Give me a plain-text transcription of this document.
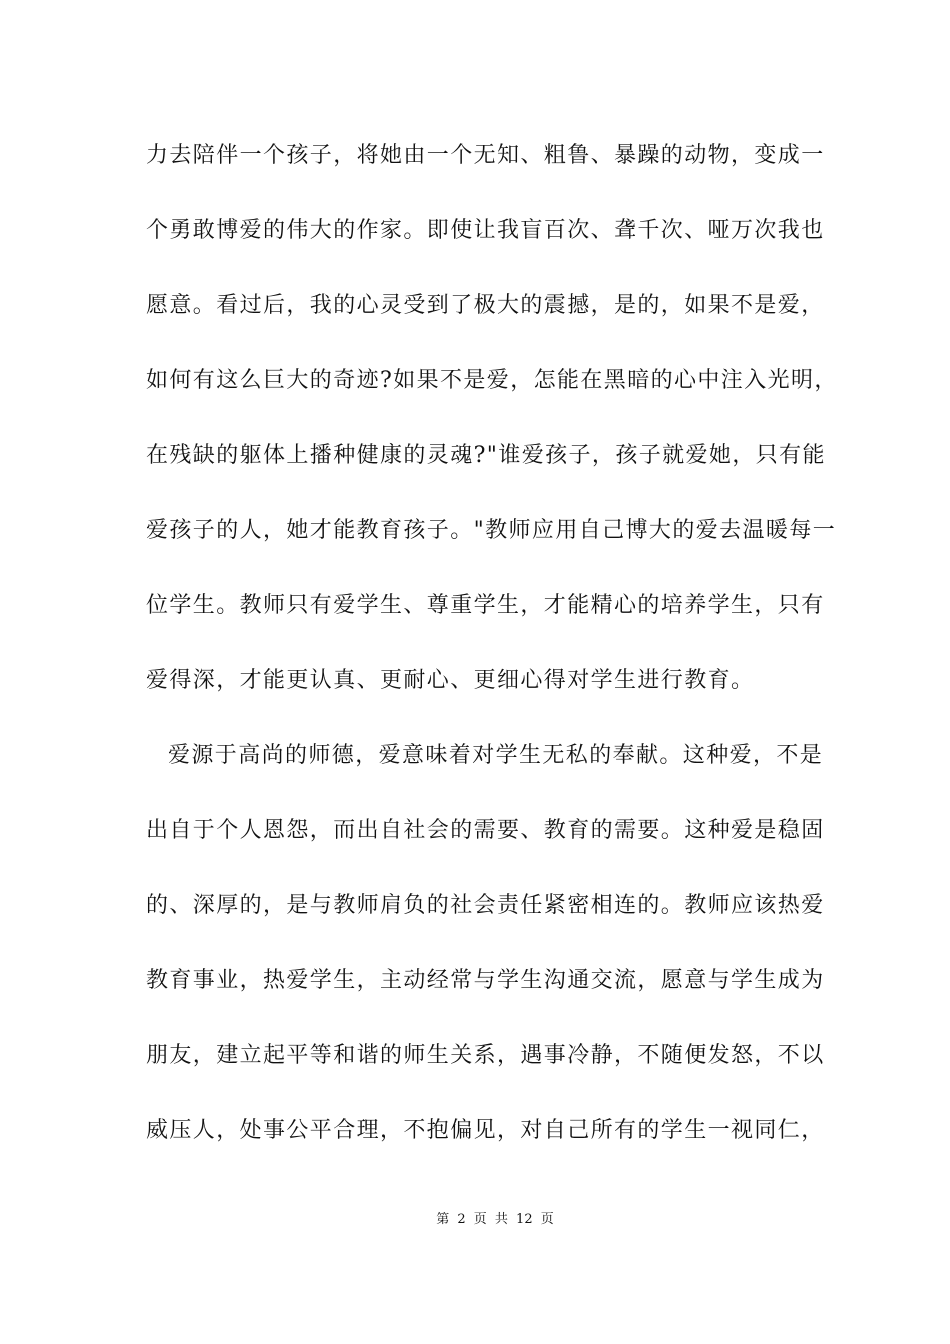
力去陪伴一个孩子，将她由一个无知、粗鲁、暴躁的动物，变成一
个勇敢博爱的伟大的作家。即使让我盲百次、聋千次、哑万次我也
愿意。看过后，我的心灵受到了极大的震撼，是的，如果不是爱，
如何有这么巨大的奇迹?如果不是爱，怎能在黑暗的心中注入光明，
在残缺的躯体上播种健康的灵魂?"谁爱孩子，孩子就爱她，只有能
爱孩子的人，她才能教育孩子。"教师应用自己博大的爱去温暖每一
位学生。教师只有爱学生、尊重学生，才能精心的培养学生，只有
爱得深，才能更认真、更耐心、更细心得对学生进行教育。
爱源于高尚的师德，爱意味着对学生无私的奉献。这种爱，不是
出自于个人恩怨，而出自社会的需要、教育的需要。这种爱是稳固
的、深厚的，是与教师肩负的社会责任紧密相连的。教师应该热爱
教育事业，热爱学生，主动经常与学生沟通交流，愿意与学生成为
朋友，建立起平等和谐的师生关系，遇事冷静，不随便发怒，不以
威压人，处事公平合理，不抱偏见，对自己所有的学生一视同仁，
第 2 页 共 12 页
